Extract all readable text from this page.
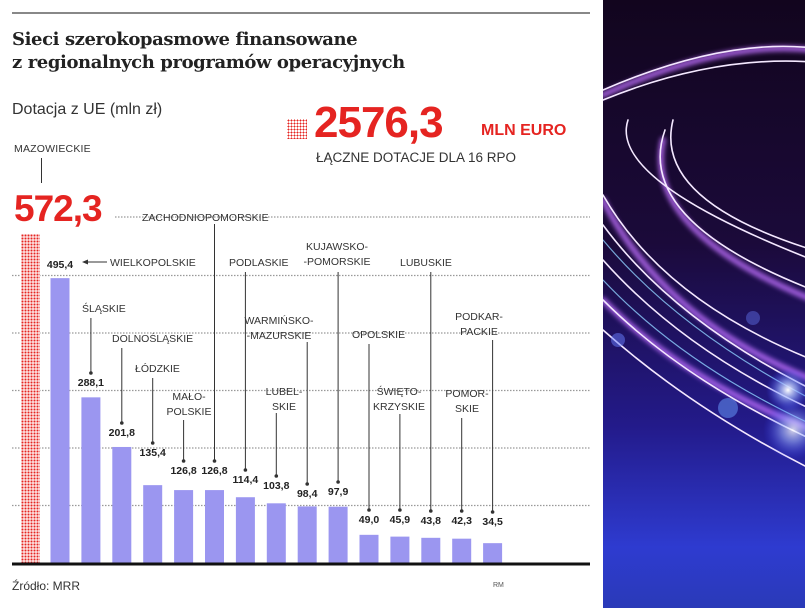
Sieci szerokopasmowe finansowane
z regionalnych programów operacyjnych
Dotacja z UE (mln zł)	2576,3 MLN EURO
ŁĄCZNE DOTACJE DLA 16 RPO
MAZOWIECKIE
572,3
495,4	WIELKOPOLSKIE
288,1
ŚLĄSKIE
201,8
DOLNOŚLĄSKIE
135,4
ŁÓDZKIE
126,8
MAŁO-
POLSKIE
126,8
ZACHODNIOPOMORSKIE
114,4
PODLASKIE
103,8
LUBEL-
SKIE
98,4
WARMIŃSKO-
-MAZURSKIE
97,9
KUJAWSKO-
-POMORSKIE
49,0
OPOLSKIE
45,9
ŚWIĘTO-
KRZYSKIE
43,8
LUBUSKIE
42,3
POMOR-
SKIE
34,5
PODKAR-
PACKIE
Źródło: MRR	RM
